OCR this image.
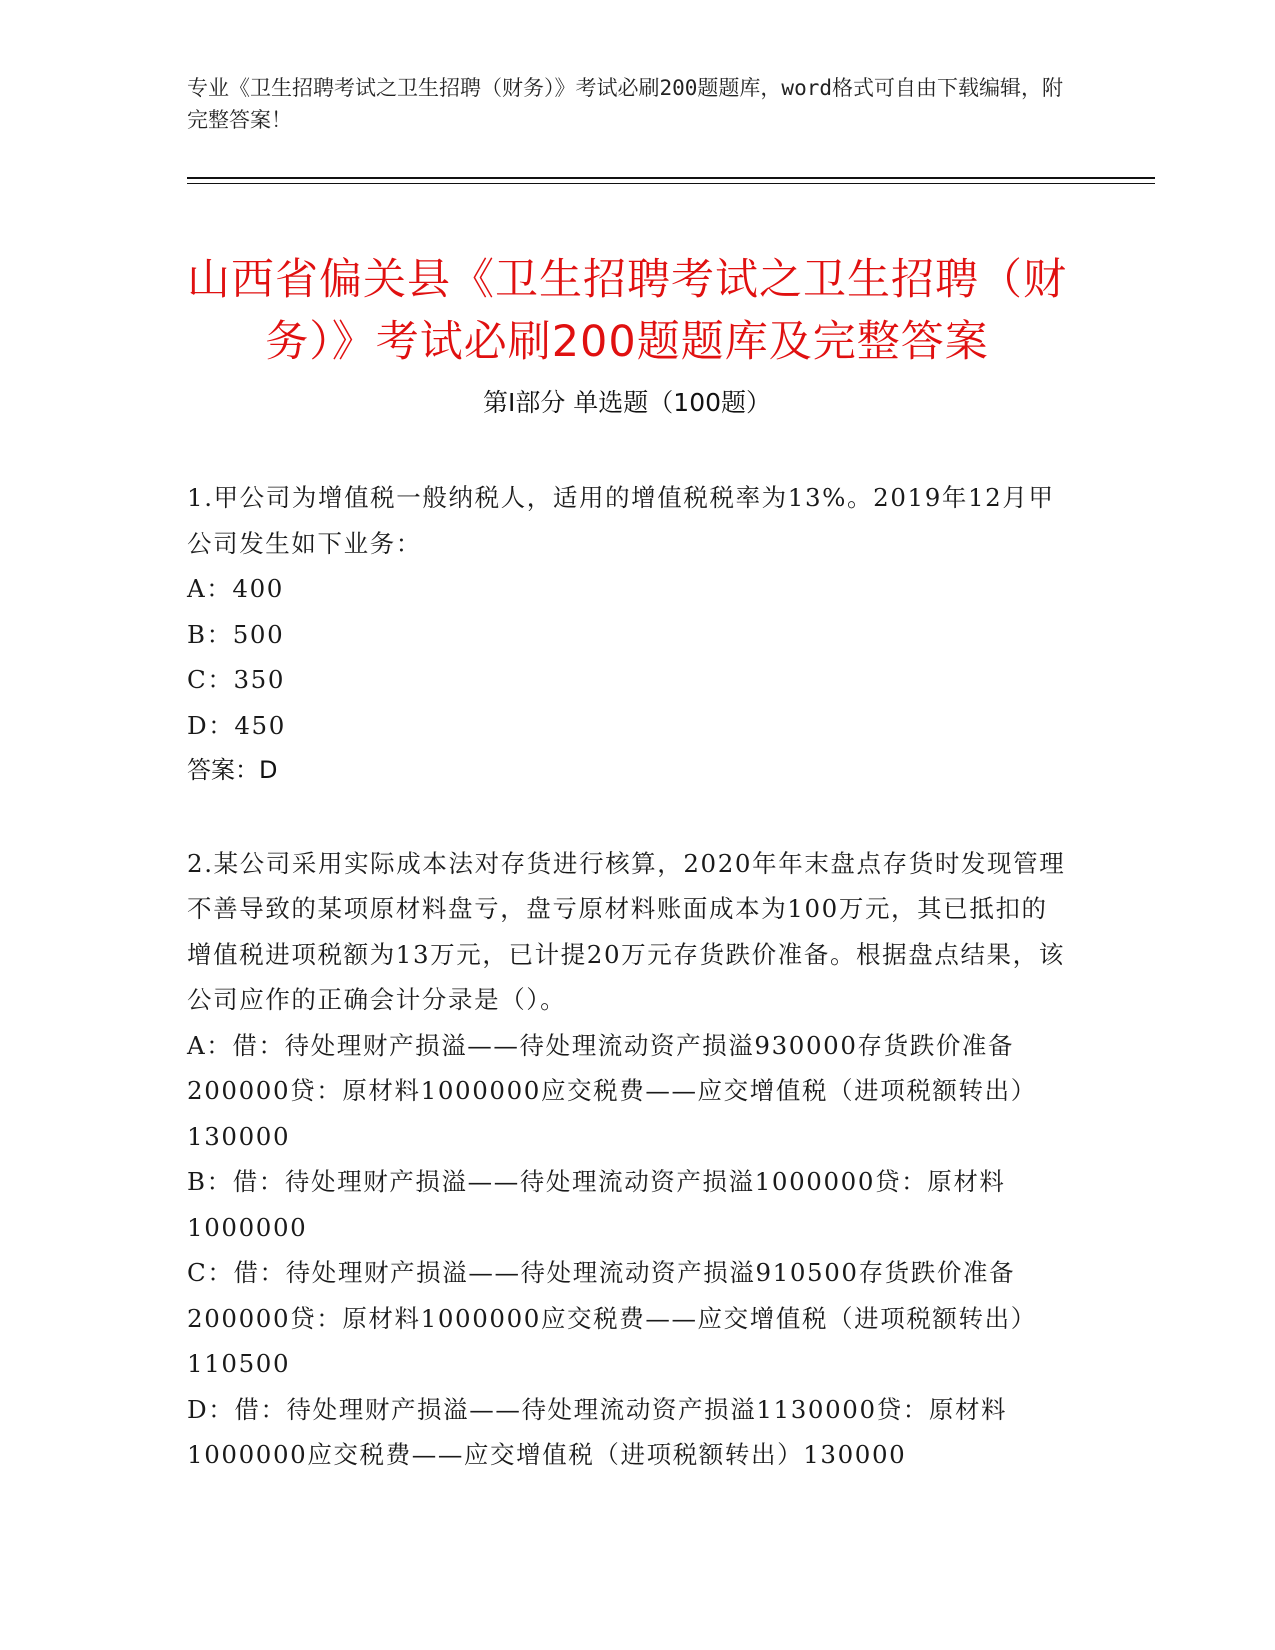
专业《卫生招聘考试之卫生招聘（财务）》考试必刷200题题库，word格式可自由下载编辑，附完整答案！
山西省偏关县《卫生招聘考试之卫生招聘（财务）》考试必刷200题题库及完整答案
第Ⅰ部分 单选题（100题）

1.甲公司为增值税一般纳税人，适用的增值税税率为13%。2019年12月甲公司发生如下业务：

A：400

B：500

C：350

D：450

答案：D

2.某公司采用实际成本法对存货进行核算，2020年年末盘点存货时发现管理不善导致的某项原材料盘亏，盘亏原材料账面成本为100万元，其已抵扣的增值税进项税额为13万元，已计提20万元存货跌价准备。根据盘点结果，该公司应作的正确会计分录是（）。

A：借：待处理财产损溢——待处理流动资产损溢930000存货跌价准备200000贷：原材料1000000应交税费——应交增值税（进项税额转出）130000

B：借：待处理财产损溢——待处理流动资产损溢1000000贷：原材料1000000

C：借：待处理财产损溢——待处理流动资产损溢910500存货跌价准备200000贷：原材料1000000应交税费——应交增值税（进项税额转出）110500

D：借：待处理财产损溢——待处理流动资产损溢1130000贷：原材料1000000应交税费——应交增值税（进项税额转出）130000
